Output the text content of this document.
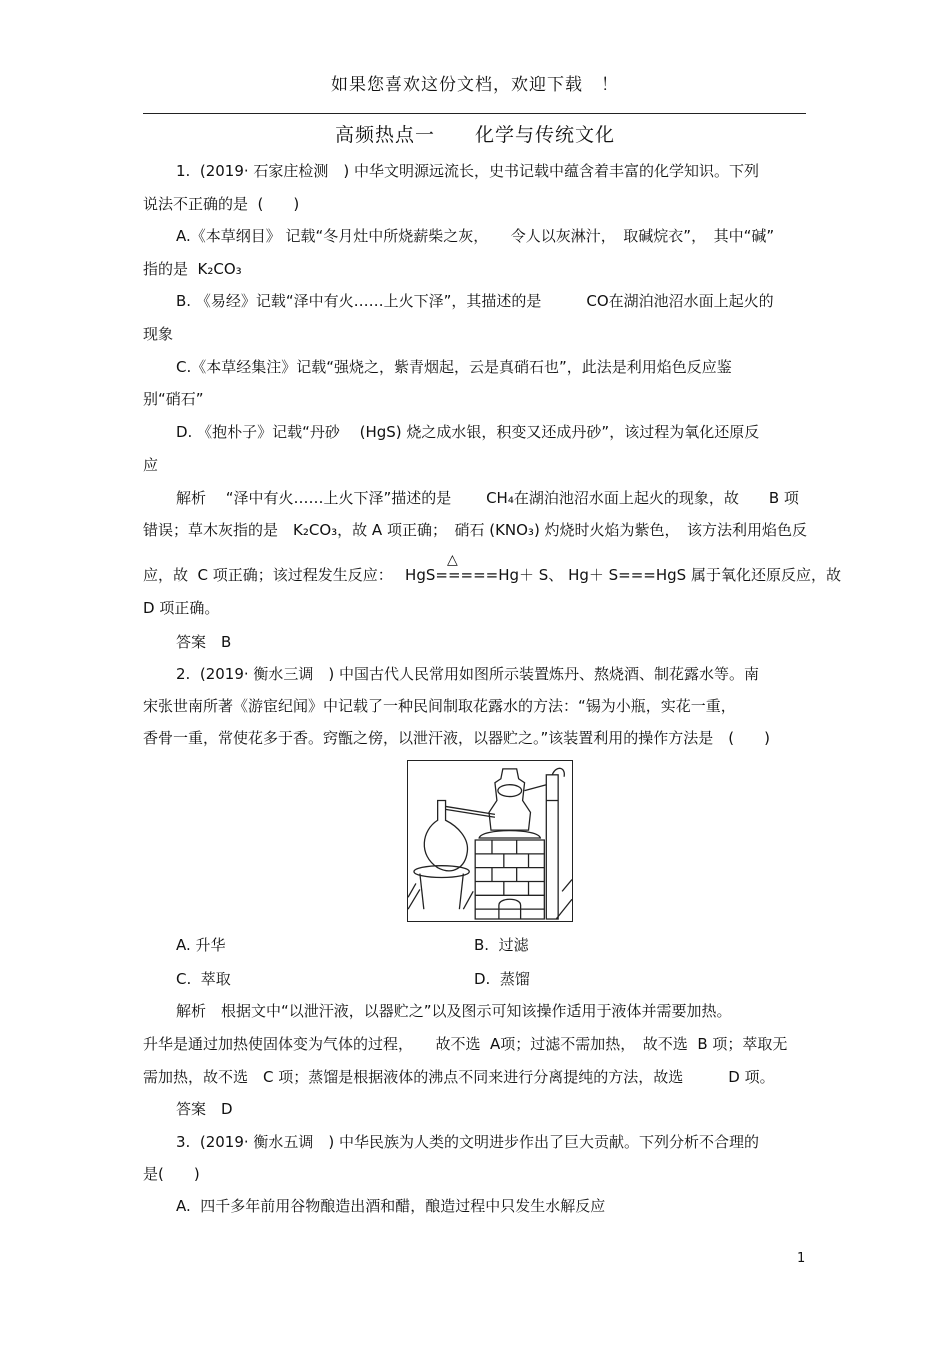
如果您喜欢这份文档，欢迎下载　！
高频热点一　　化学与传统文化
1.  (2019· 石家庄检测　) 中华文明源远流长，史书记载中蕴含着丰富的化学知识。下列
说法不正确的是  (　　)
A.《本草纲目》 记载“冬月灶中所烧薪柴之灰，　　令人以灰淋汁，　取碱烷衣”，　其中“碱”
指的是  K₂CO₃
B. 《易经》记载“泽中有火……上火下泽”，其描述的是　　　CO在湖泊池沼水面上起火的
现象
C.《本草经集注》记载“强烧之，紫青烟起，云是真硝石也”，此法是利用焰色反应鉴
别“硝石”
D. 《抱朴子》记载“丹砂　 (HgS) 烧之成水银，积变又还成丹砂”，该过程为氧化还原反
应
解析　 “泽中有火……上火下泽”描述的是　　 CH₄在湖泊池沼水面上起火的现象，故　　B 项
错误；草木灰指的是　K₂CO₃，故 A 项正确；　硝石 (KNO₃) 灼烧时火焰为紫色，　该方法利用焰色反
△
应，故  C 项正确；该过程发生反应：　 HgS=====Hg＋ S、 Hg＋ S===HgS 属于氧化还原反应，故
D 项正确。
答案　B
2.  (2019· 衡水三调　) 中国古代人民常用如图所示装置炼丹、熬烧酒、制花露水等。南
宋张世南所著《游宦纪闻》中记载了一种民间制取花露水的方法：“锡为小瓶，实花一重，
香骨一重，常使花多于香。窍甑之傍，以泄汗液，以器贮之。”该装置利用的操作方法是　(　　)
A. 升华	B.  过滤
C.  萃取	D.  蒸馏
解析　根据文中“以泄汗液，以器贮之”以及图示可知该操作适用于液体并需要加热。
升华是通过加热使固体变为气体的过程，　　故不选  A项；过滤不需加热，　故不选  B 项；萃取无
需加热，故不选　C 项；蒸馏是根据液体的沸点不同来进行分离提纯的方法，故选　　　D 项。
答案　D
3.  (2019· 衡水五调　) 中华民族为人类的文明进步作出了巨大贡献。下列分析不合理的
是(　　)
A.  四千多年前用谷物酿造出酒和醋，酿造过程中只发生水解反应
1
